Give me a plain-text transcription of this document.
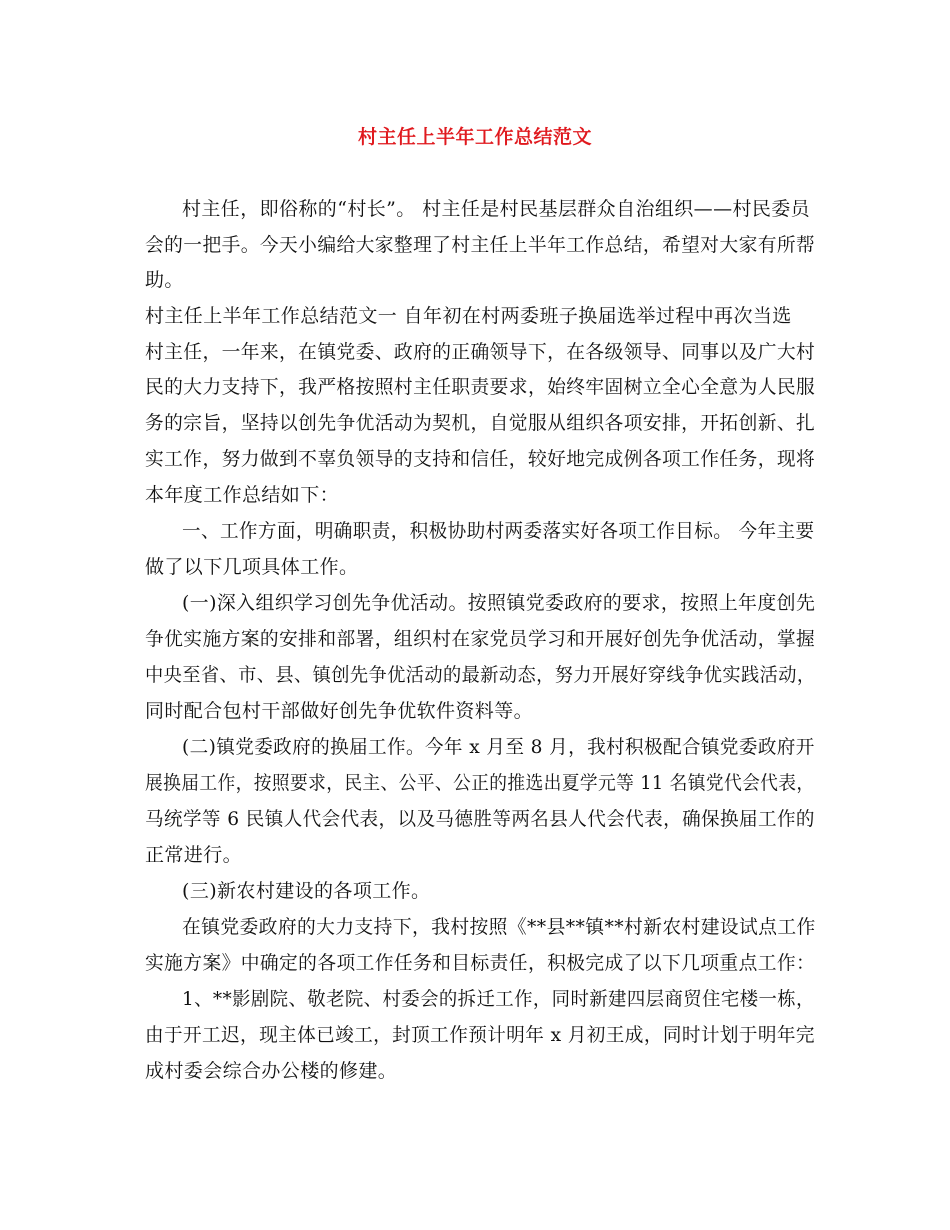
村主任上半年工作总结范文
村主任，即俗称的“村长”。 村主任是村民基层群众自治组织——村民委员
会的一把手。今天小编给大家整理了村主任上半年工作总结，希望对大家有所帮
助。
村主任上半年工作总结范文一 自年初在村两委班子换届选举过程中再次当选
村主任，一年来，在镇党委、政府的正确领导下，在各级领导、同事以及广大村
民的大力支持下，我严格按照村主任职责要求，始终牢固树立全心全意为人民服
务的宗旨，坚持以创先争优活动为契机，自觉服从组织各项安排，开拓创新、扎
实工作，努力做到不辜负领导的支持和信任，较好地完成例各项工作任务，现将
本年度工作总结如下：
一、工作方面，明确职责，积极协助村两委落实好各项工作目标。 今年主要
做了以下几项具体工作。
(一)深入组织学习创先争优活动。按照镇党委政府的要求，按照上年度创先
争优实施方案的安排和部署，组织村在家党员学习和开展好创先争优活动，掌握
中央至省、市、县、镇创先争优活动的最新动态，努力开展好穿线争优实践活动，
同时配合包村干部做好创先争优软件资料等。
(二)镇党委政府的换届工作。今年 x 月至 8 月，我村积极配合镇党委政府开
展换届工作，按照要求，民主、公平、公正的推选出夏学元等 11 名镇党代会代表，
马统学等 6 民镇人代会代表，以及马德胜等两名县人代会代表，确保换届工作的
正常进行。
(三)新农村建设的各项工作。
在镇党委政府的大力支持下，我村按照《**县**镇**村新农村建设试点工作
实施方案》中确定的各项工作任务和目标责任，积极完成了以下几项重点工作：
1、**影剧院、敬老院、村委会的拆迁工作，同时新建四层商贸住宅楼一栋，
由于开工迟，现主体已竣工，封顶工作预计明年 x 月初王成，同时计划于明年完
成村委会综合办公楼的修建。
